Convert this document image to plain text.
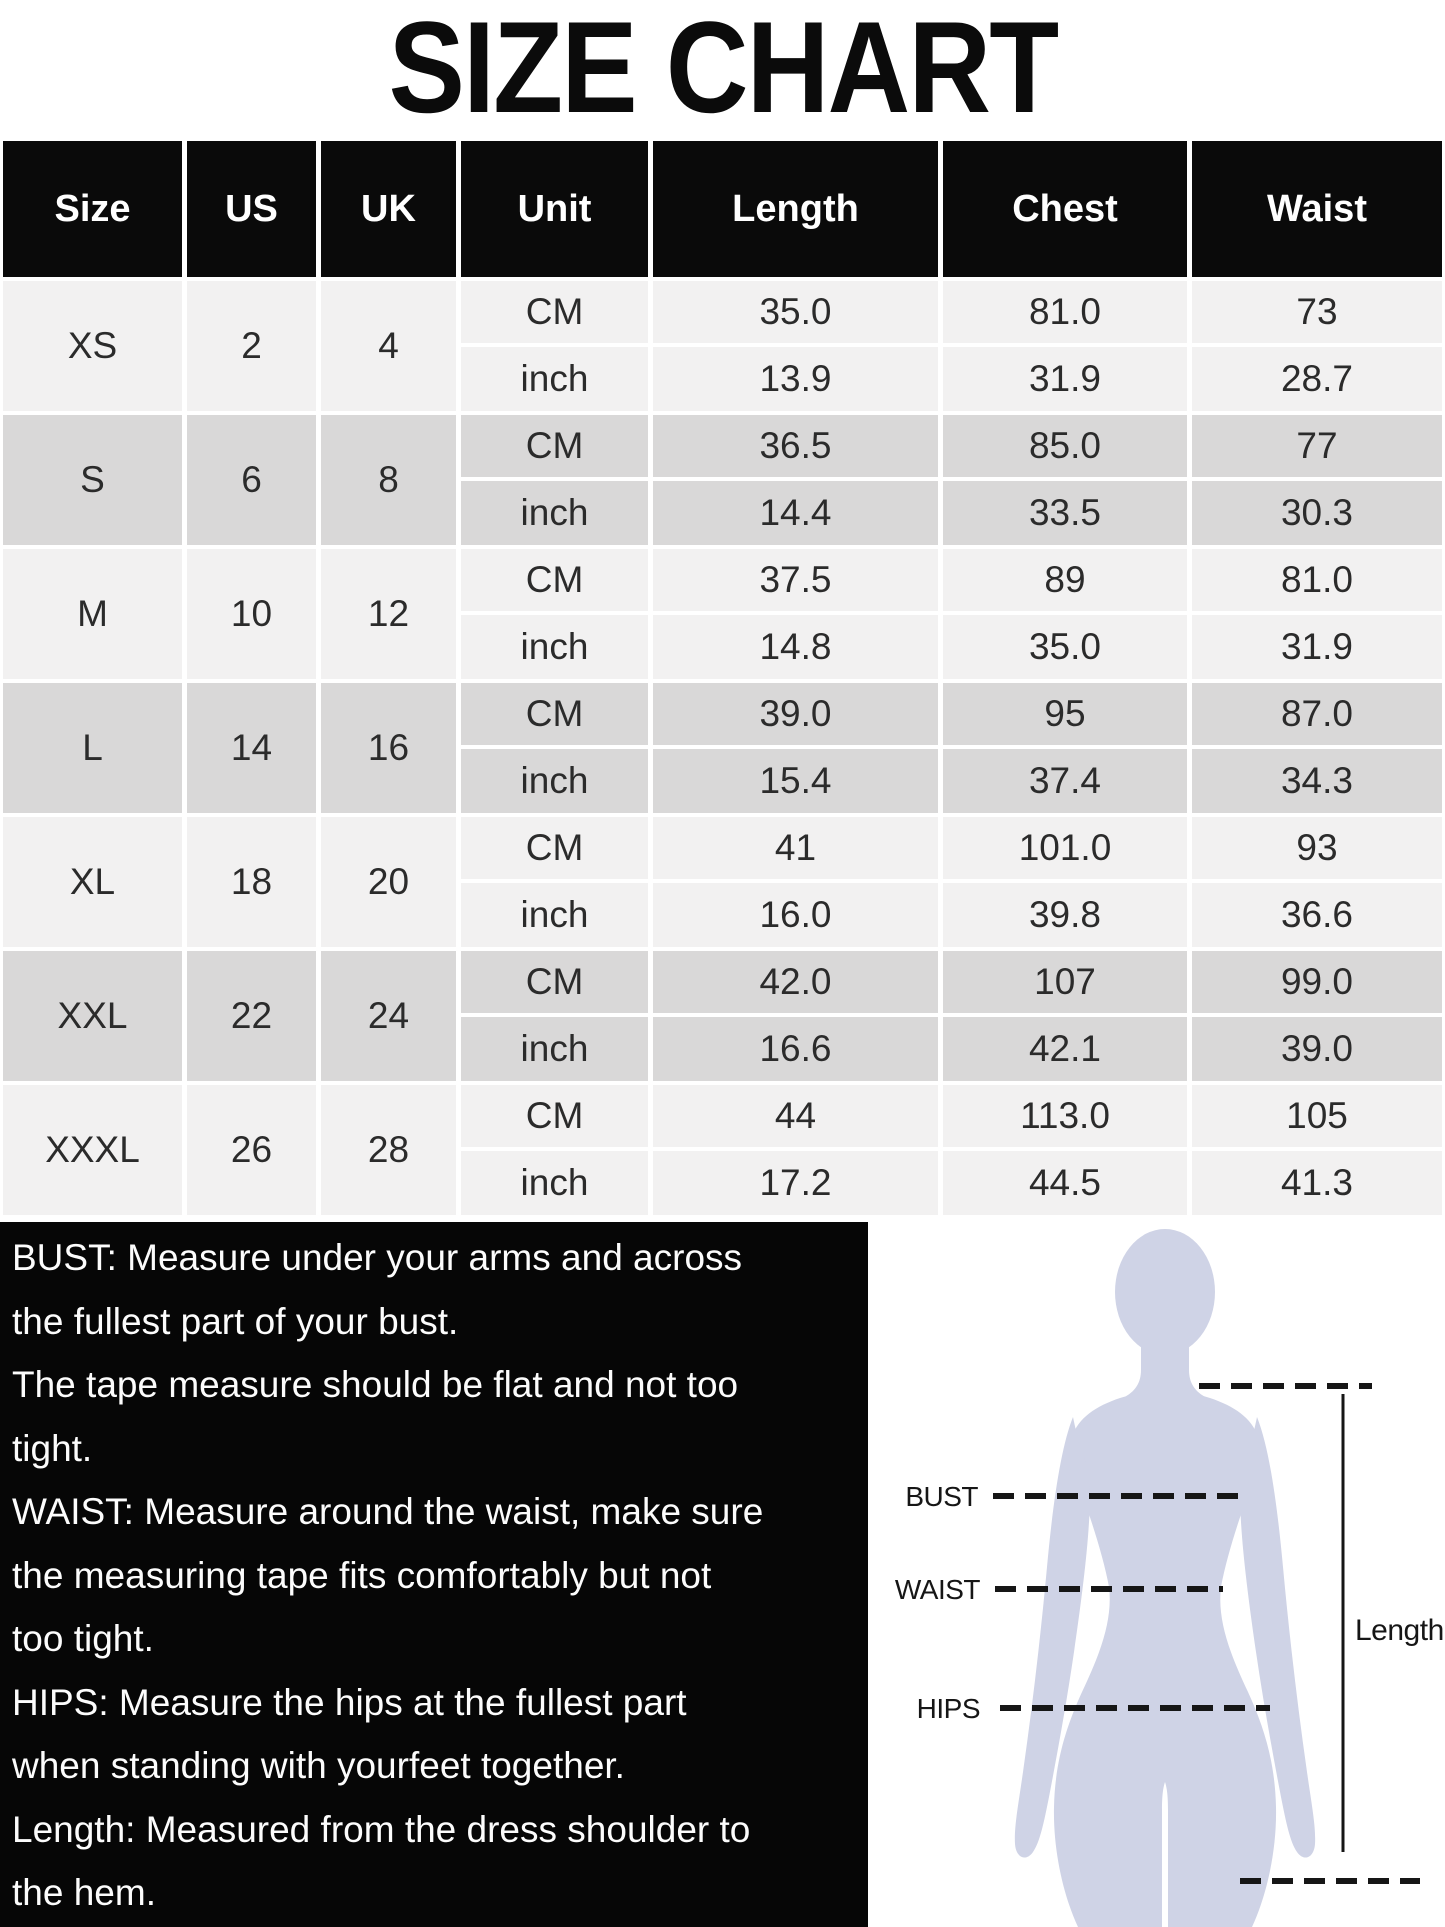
SIZE CHART
Size	US	UK	Unit	Length	Chest	Waist
XS	2	4
CM	35.0	81.0	73
inch	13.9	31.9	28.7
S	6	8
CM	36.5	85.0	77
inch	14.4	33.5	30.3
M	10	12
CM	37.5	89	81.0
inch	14.8	35.0	31.9
L	14	16
CM	39.0	95	87.0
inch	15.4	37.4	34.3
XL	18	20
CM	41	101.0	93
inch	16.0	39.8	36.6
XXL	22	24
CM	42.0	107	99.0
inch	16.6	42.1	39.0
XXXL	26	28
CM	44	113.0	105
inch	17.2	44.5	41.3
BUST: Measure under your arms and across
the fullest part of your bust.
The tape measure should be flat and not too
tight.
WAIST: Measure around the waist, make sure
the measuring tape fits comfortably but not
too tight.
HIPS: Measure the hips at the fullest part
when standing with yourfeet together.
Length: Measured from the dress shoulder to
the hem.
BUST
WAIST
HIPS
Length
